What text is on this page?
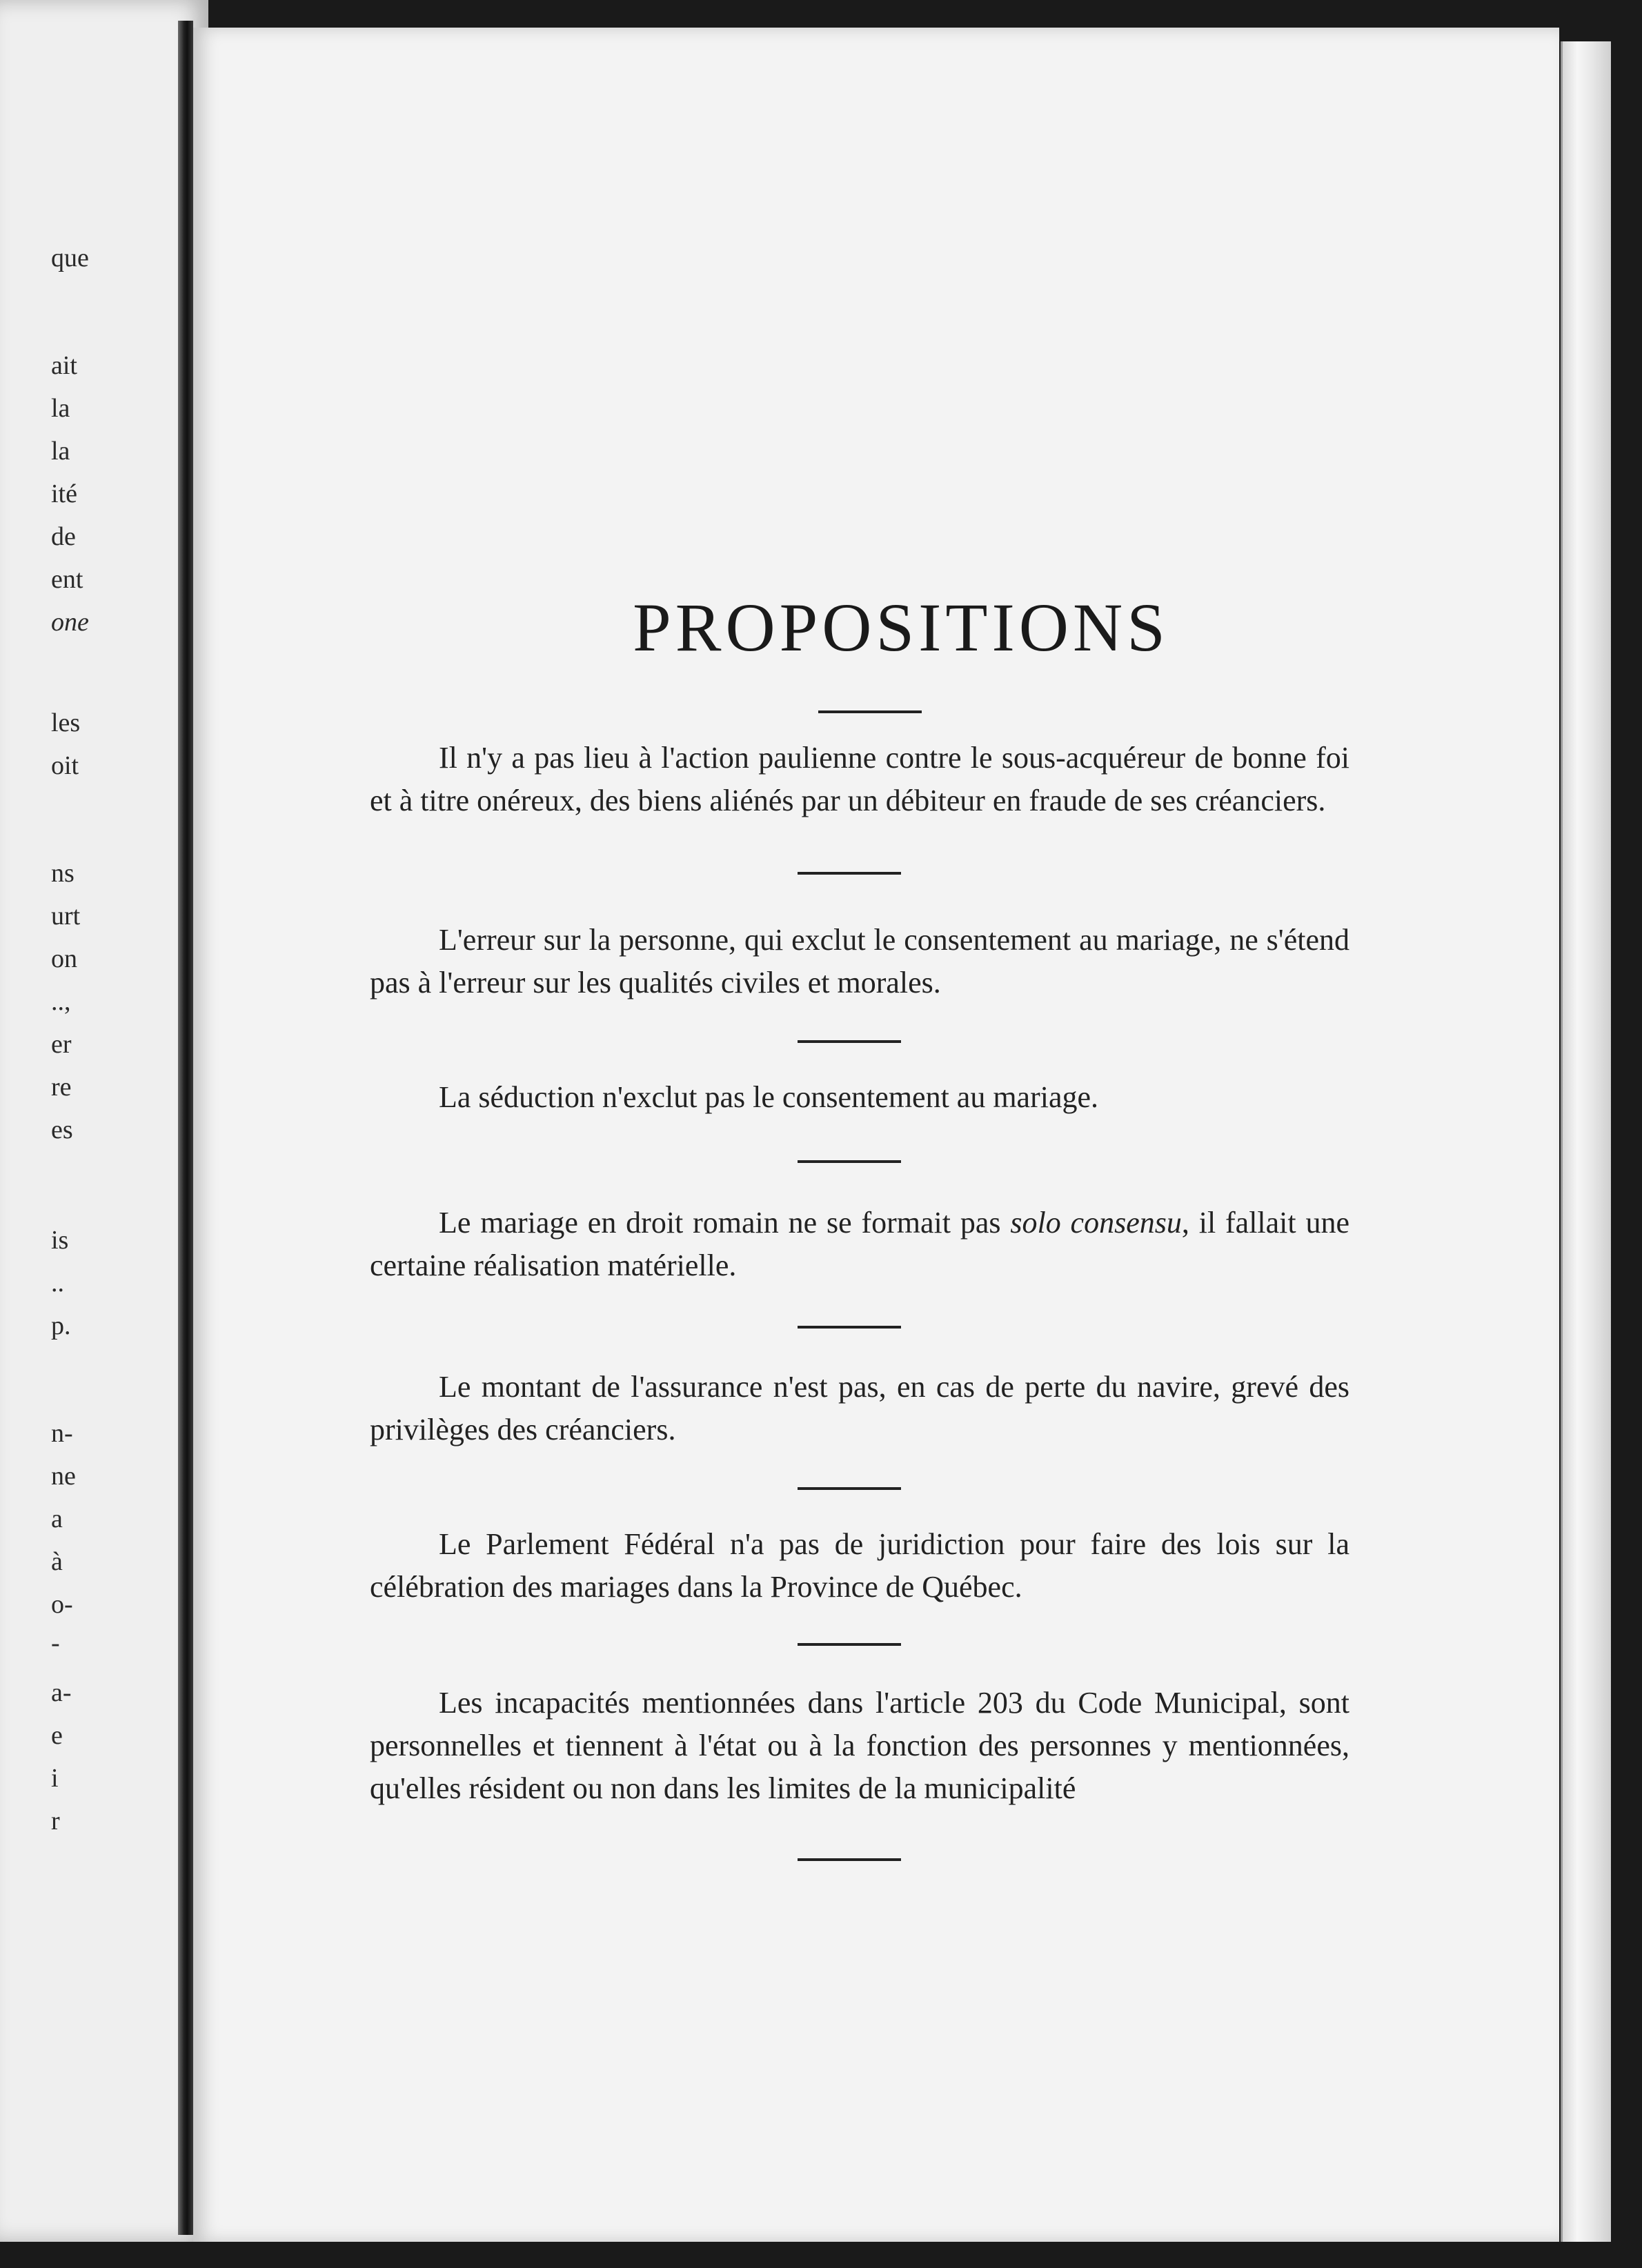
que
ait
la
la
ité
de
ent
one
les
oit
ns
urt
on
..,
er
re
es
is
..
p.
n-
ne
a
à
o-
-
a-
e
i
r
PROPOSITIONS

Il n'y a pas lieu à l'action paulienne contre le sous-acquéreur de bonne foi et à titre onéreux, des biens aliénés par un débiteur en fraude de ses créanciers.

L'erreur sur la personne, qui exclut le consentement au mariage, ne s'étend pas à l'erreur sur les qualités civiles et morales.

La séduction n'exclut pas le consentement au mariage.

Le mariage en droit romain ne se formait pas solo consensu, il fallait une certaine réalisation matérielle.

Le montant de l'assurance n'est pas, en cas de perte du navire, grevé des privilèges des créanciers.

Le Parlement Fédéral n'a pas de juridiction pour faire des lois sur la célébration des mariages dans la Province de Québec.

Les incapacités mentionnées dans l'article 203 du Code Municipal, sont personnelles et tiennent à l'état ou à la fonction des personnes y mentionnées, qu'elles résident ou non dans les limites de la municipalité
